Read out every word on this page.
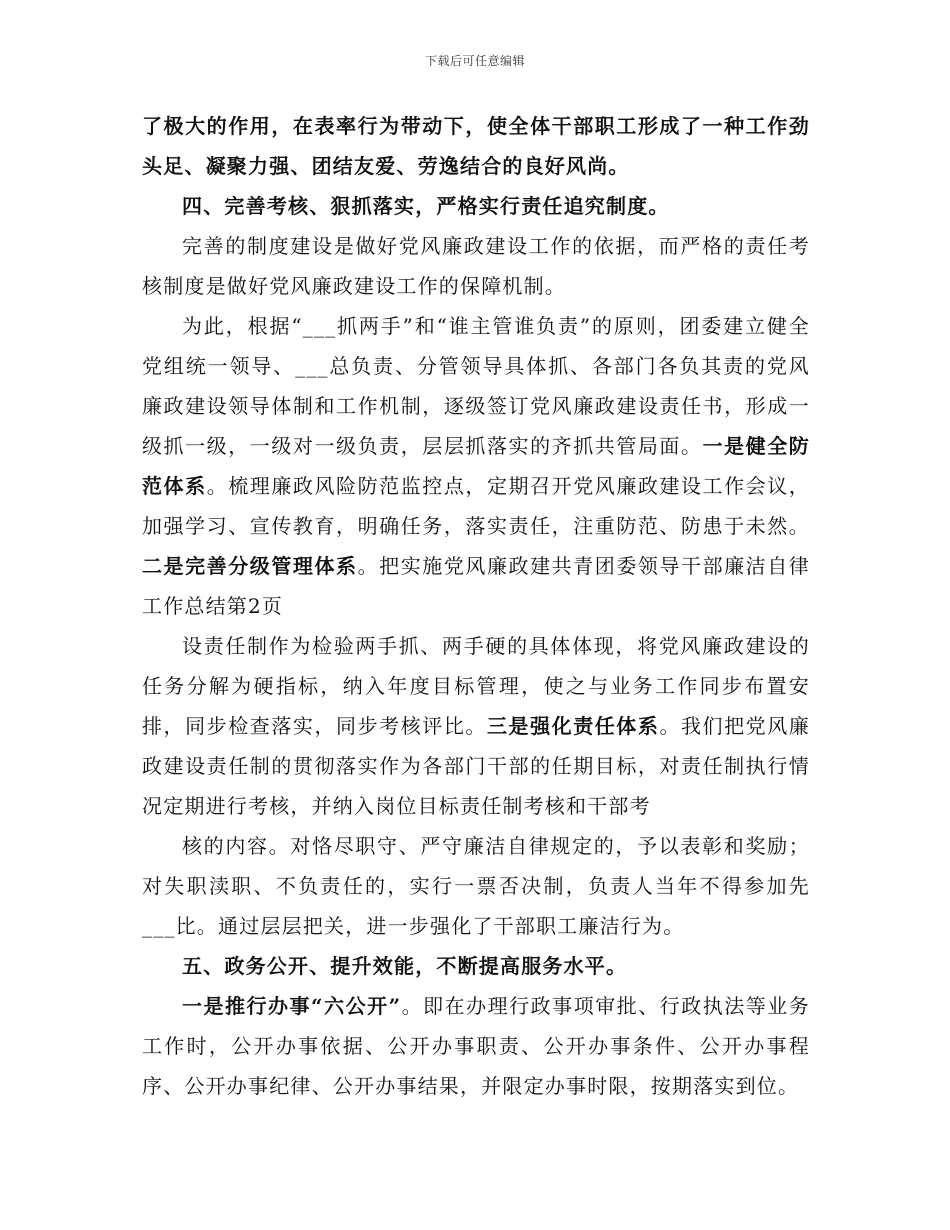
下载后可任意编辑

了极大的作用，在表率行为带动下，使全体干部职工形成了一种工作劲头足、凝聚力强、团结友爱、劳逸结合的良好风尚。

四、完善考核、狠抓落实，严格实行责任追究制度。

完善的制度建设是做好党风廉政建设工作的依据，而严格的责任考核制度是做好党风廉政建设工作的保障机制。

为此，根据“___抓两手”和“谁主管谁负责”的原则，团委建立健全党组统一领导、___总负责、分管领导具体抓、各部门各负其责的党风廉政建设领导体制和工作机制，逐级签订党风廉政建设责任书，形成一级抓一级，一级对一级负责，层层抓落实的齐抓共管局面。一是健全防范体系。梳理廉政风险防范监控点，定期召开党风廉政建设工作会议，加强学习、宣传教育，明确任务，落实责任，注重防范、防患于未然。二是完善分级管理体系。把实施党风廉政建共青团委领导干部廉洁自律工作总结第2页

设责任制作为检验两手抓、两手硬的具体体现，将党风廉政建设的任务分解为硬指标，纳入年度目标管理，使之与业务工作同步布置安排，同步检查落实，同步考核评比。三是强化责任体系。我们把党风廉政建设责任制的贯彻落实作为各部门干部的任期目标，对责任制执行情况定期进行考核，并纳入岗位目标责任制考核和干部考

核的内容。对恪尽职守、严守廉洁自律规定的，予以表彰和奖励；对失职渎职、不负责任的，实行一票否决制，负责人当年不得参加先___比。通过层层把关，进一步强化了干部职工廉洁行为。

五、政务公开、提升效能，不断提高服务水平。

一是推行办事“六公开”。即在办理行政事项审批、行政执法等业务工作时，公开办事依据、公开办事职责、公开办事条件、公开办事程序、公开办事纪律、公开办事结果，并限定办事时限，按期落实到位。
